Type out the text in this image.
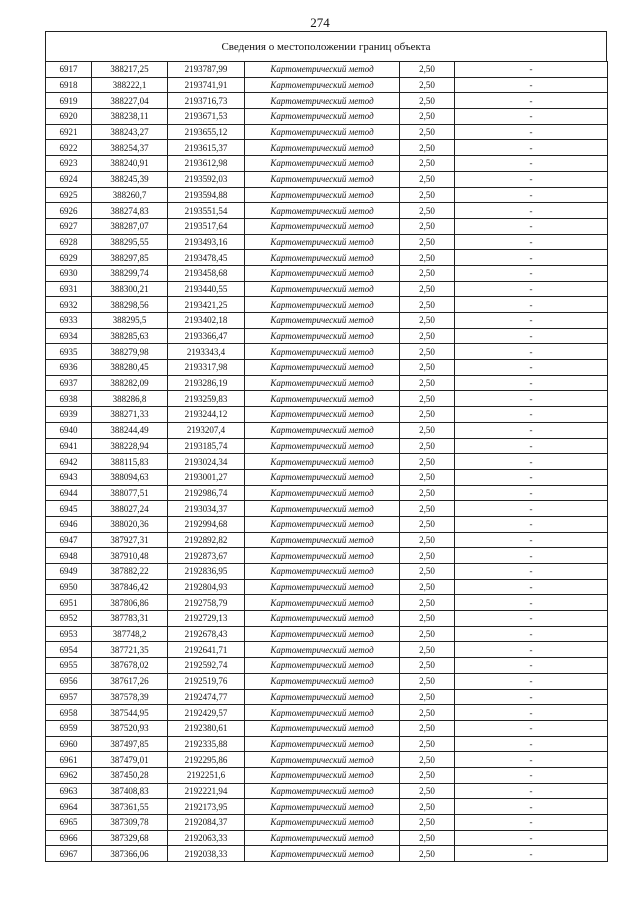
274
Сведения о местоположении границ объекта
6917	388217,25	2193787,99	Картометрический метод	2,50	-
6918	388222,1	2193741,91	Картометрический метод	2,50	-
6919	388227,04	2193716,73	Картометрический метод	2,50	-
6920	388238,11	2193671,53	Картометрический метод	2,50	-
6921	388243,27	2193655,12	Картометрический метод	2,50	-
6922	388254,37	2193615,37	Картометрический метод	2,50	-
6923	388240,91	2193612,98	Картометрический метод	2,50	-
6924	388245,39	2193592,03	Картометрический метод	2,50	-
6925	388260,7	2193594,88	Картометрический метод	2,50	-
6926	388274,83	2193551,54	Картометрический метод	2,50	-
6927	388287,07	2193517,64	Картометрический метод	2,50	-
6928	388295,55	2193493,16	Картометрический метод	2,50	-
6929	388297,85	2193478,45	Картометрический метод	2,50	-
6930	388299,74	2193458,68	Картометрический метод	2,50	-
6931	388300,21	2193440,55	Картометрический метод	2,50	-
6932	388298,56	2193421,25	Картометрический метод	2,50	-
6933	388295,5	2193402,18	Картометрический метод	2,50	-
6934	388285,63	2193366,47	Картометрический метод	2,50	-
6935	388279,98	2193343,4	Картометрический метод	2,50	-
6936	388280,45	2193317,98	Картометрический метод	2,50	-
6937	388282,09	2193286,19	Картометрический метод	2,50	-
6938	388286,8	2193259,83	Картометрический метод	2,50	-
6939	388271,33	2193244,12	Картометрический метод	2,50	-
6940	388244,49	2193207,4	Картометрический метод	2,50	-
6941	388228,94	2193185,74	Картометрический метод	2,50	-
6942	388115,83	2193024,34	Картометрический метод	2,50	-
6943	388094,63	2193001,27	Картометрический метод	2,50	-
6944	388077,51	2192986,74	Картометрический метод	2,50	-
6945	388027,24	2193034,37	Картометрический метод	2,50	-
6946	388020,36	2192994,68	Картометрический метод	2,50	-
6947	387927,31	2192892,82	Картометрический метод	2,50	-
6948	387910,48	2192873,67	Картометрический метод	2,50	-
6949	387882,22	2192836,95	Картометрический метод	2,50	-
6950	387846,42	2192804,93	Картометрический метод	2,50	-
6951	387806,86	2192758,79	Картометрический метод	2,50	-
6952	387783,31	2192729,13	Картометрический метод	2,50	-
6953	387748,2	2192678,43	Картометрический метод	2,50	-
6954	387721,35	2192641,71	Картометрический метод	2,50	-
6955	387678,02	2192592,74	Картометрический метод	2,50	-
6956	387617,26	2192519,76	Картометрический метод	2,50	-
6957	387578,39	2192474,77	Картометрический метод	2,50	-
6958	387544,95	2192429,57	Картометрический метод	2,50	-
6959	387520,93	2192380,61	Картометрический метод	2,50	-
6960	387497,85	2192335,88	Картометрический метод	2,50	-
6961	387479,01	2192295,86	Картометрический метод	2,50	-
6962	387450,28	2192251,6	Картометрический метод	2,50	-
6963	387408,83	2192221,94	Картометрический метод	2,50	-
6964	387361,55	2192173,95	Картометрический метод	2,50	-
6965	387309,78	2192084,37	Картометрический метод	2,50	-
6966	387329,68	2192063,33	Картометрический метод	2,50	-
6967	387366,06	2192038,33	Картометрический метод	2,50	-
